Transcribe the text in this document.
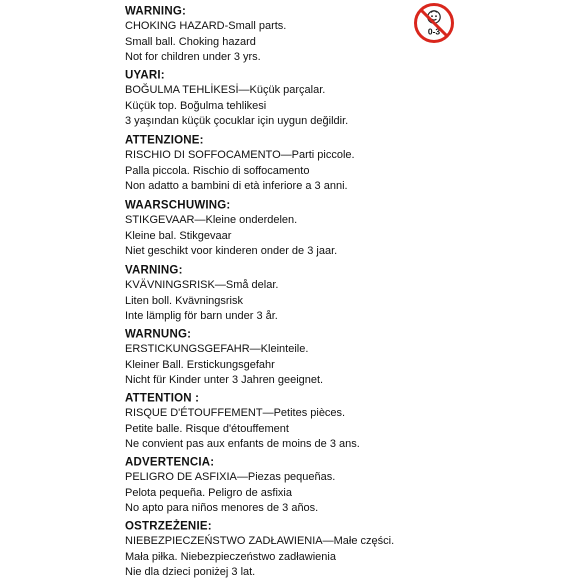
0-3
WARNING:
CHOKING HAZARD-Small parts.
Small ball. Choking hazard
Not for children under 3 yrs.
UYARI:
BOĞULMA TEHLİKESİ—Küçük parçalar.
Küçük top. Boğulma tehlikesi
3 yaşından küçük çocuklar için uygun değildir.
ATTENZIONE:
RISCHIO DI SOFFOCAMENTO—Parti piccole.
Palla piccola. Rischio di soffocamento
Non adatto a bambini di età inferiore a 3 anni.
WAARSCHUWING:
STIKGEVAAR—Kleine onderdelen.
Kleine bal. Stikgevaar
Niet geschikt voor kinderen onder de 3 jaar.
VARNING:
KVÄVNINGSRISK—Små delar.
Liten boll. Kvävningsrisk
Inte lämplig för barn under 3 år.
WARNUNG:
ERSTICKUNGSGEFAHR—Kleinteile.
Kleiner Ball. Erstickungsgefahr
Nicht für Kinder unter 3 Jahren geeignet.
ATTENTION :
RISQUE D'ÉTOUFFEMENT—Petites pièces.
Petite balle. Risque d'étouffement
Ne convient pas aux enfants de moins de 3 ans.
ADVERTENCIA:
PELIGRO DE ASFIXIA—Piezas pequeñas.
Pelota pequeña. Peligro de asfixia
No apto para niños menores de 3 años.
OSTRZEŻENIE:
NIEBEZPIECZEŃSTWO ZADŁAWIENIA—Małe części.
Mała piłka. Niebezpieczeństwo zadławienia
Nie dla dzieci poniżej 3 lat.
